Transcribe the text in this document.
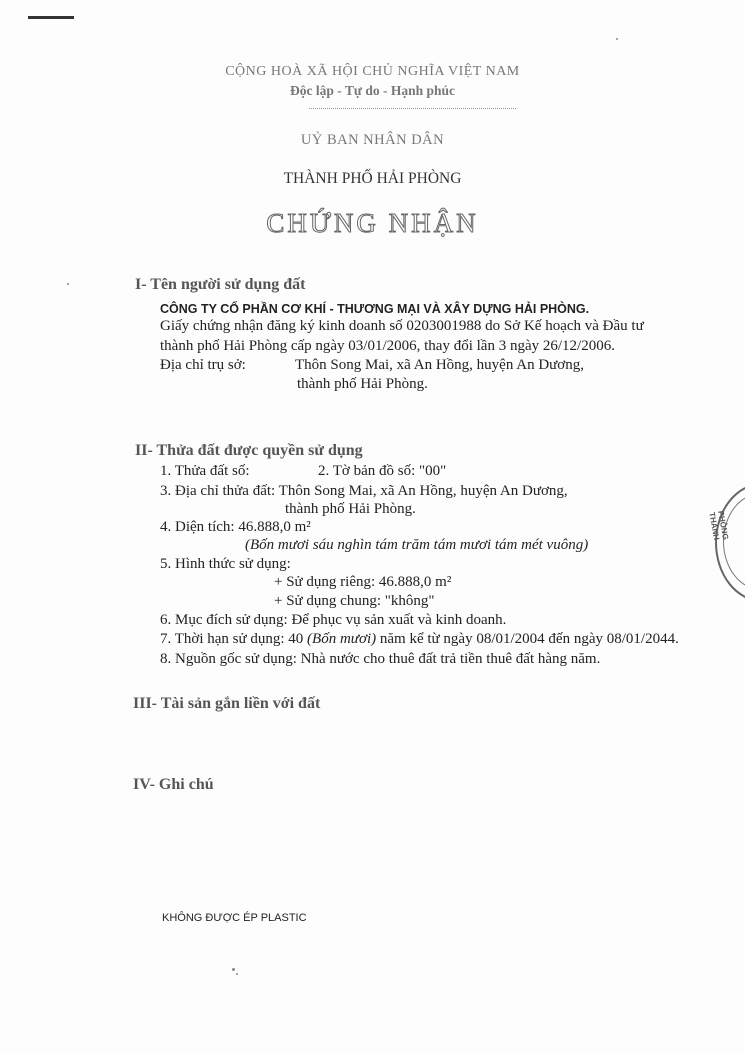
CỘNG HOÀ XÃ HỘI CHỦ NGHĨA VIỆT NAM
Độc lập - Tự do - Hạnh phúc
UỶ BAN NHÂN DÂN
THÀNH PHỐ HẢI PHÒNG
CHỨNG NHẬN
I- Tên người sử dụng đất
CÔNG TY CỔ PHẦN CƠ KHÍ - THƯƠNG MẠI VÀ XÂY DỰNG HẢI PHÒNG.
Giấy chứng nhận đăng ký kinh doanh số 0203001988 do Sở Kế hoạch và Đầu tư
thành phố Hải Phòng cấp ngày 03/01/2006, thay đổi lần 3 ngày 26/12/2006.
Địa chỉ trụ sở:	Thôn Song Mai, xã An Hồng, huyện An Dương,
thành phố Hải Phòng.
II- Thửa đất được quyền sử dụng
1. Thửa đất số:	2. Tờ bản đồ số: "00"
3. Địa chỉ thửa đất: Thôn Song Mai, xã An Hồng, huyện An Dương,
thành phố Hải Phòng.
4. Diện tích: 46.888,0 m²
(Bốn mươi sáu nghìn tám trăm tám mươi tám mét vuông)
5. Hình thức sử dụng:
+ Sử dụng riêng: 46.888,0 m²
+ Sử dụng chung: "không"
6. Mục đích sử dụng: Để phục vụ sản xuất và kinh doanh.
7. Thời hạn sử dụng: 40 (Bốn mươi) năm kể từ ngày 08/01/2004 đến ngày 08/01/2044.
8. Nguồn gốc sử dụng: Nhà nước cho thuê đất trả tiền thuê đất hàng năm.
III- Tài sản gắn liền với đất
IV- Ghi chú
KHÔNG ĐƯỢC ÉP PLASTIC
PHÒNG THANH
